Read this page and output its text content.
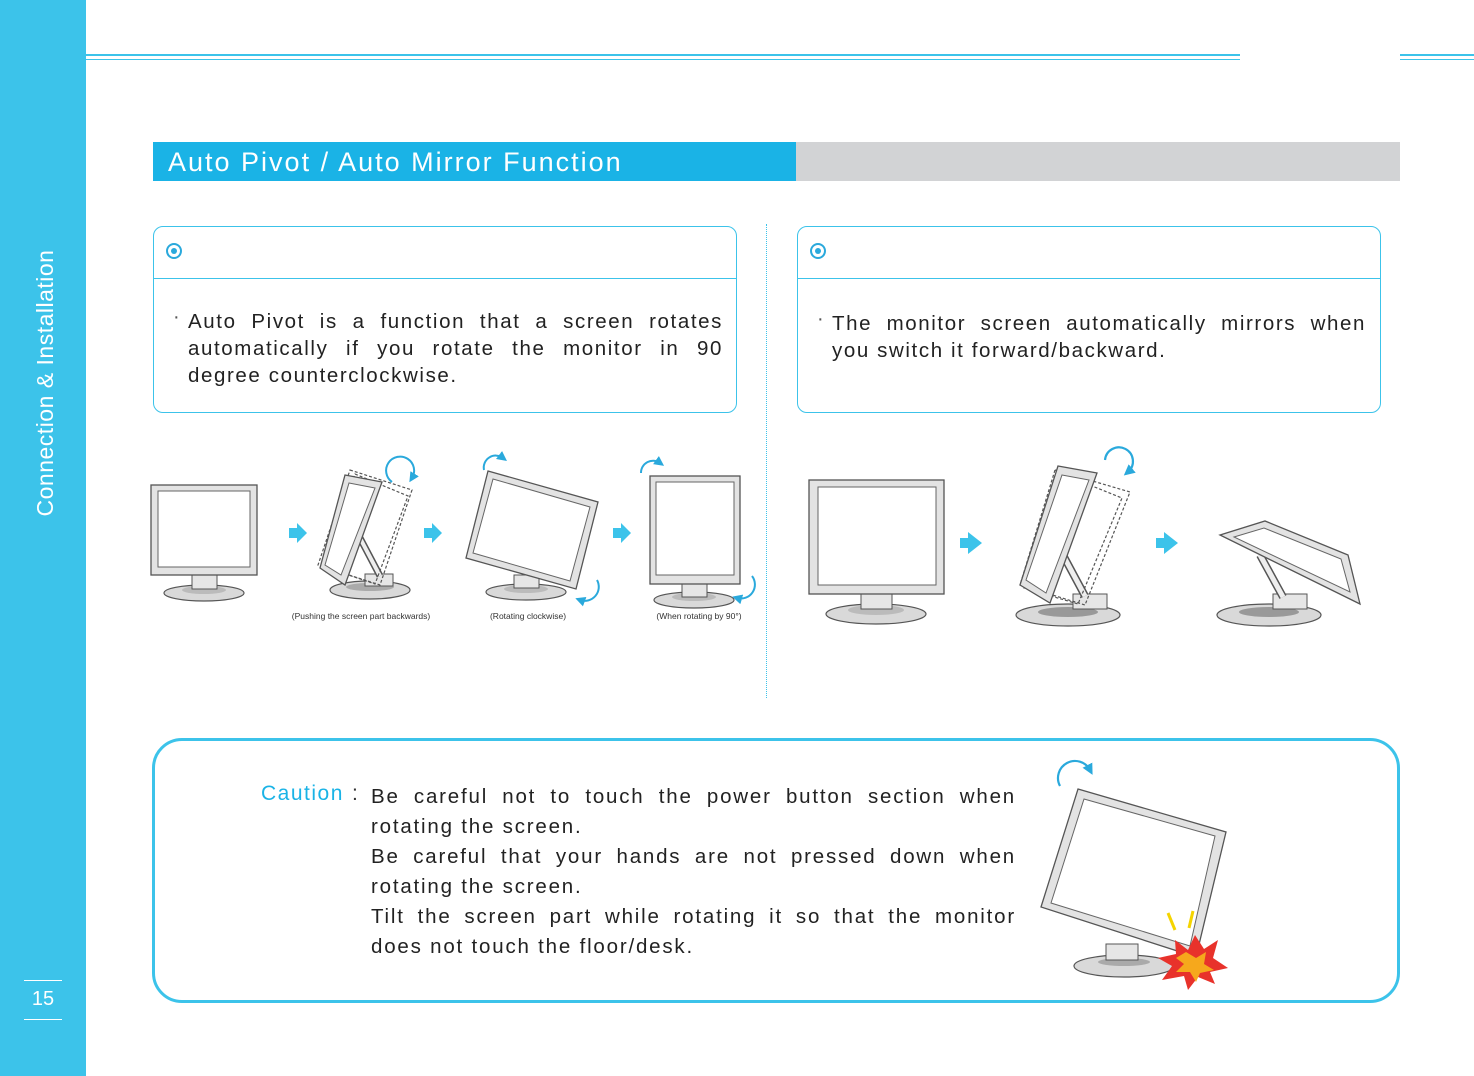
Connection & Installation
15
Auto Pivot / Auto Mirror Function
· Auto Pivot is a function that a screen rotates automatically if you rotate the monitor in 90 degree counterclockwise.
· The monitor screen automatically mirrors when you switch it forward/backward.
(Pushing the screen part backwards)	(Rotating clockwise)	(When rotating by 90°)
Caution : Be careful not to touch the power button section when rotating the screen.

Be careful that your hands are not pressed down when rotating the screen.

Tilt the screen part while rotating it so that the monitor does not touch the floor/desk.
